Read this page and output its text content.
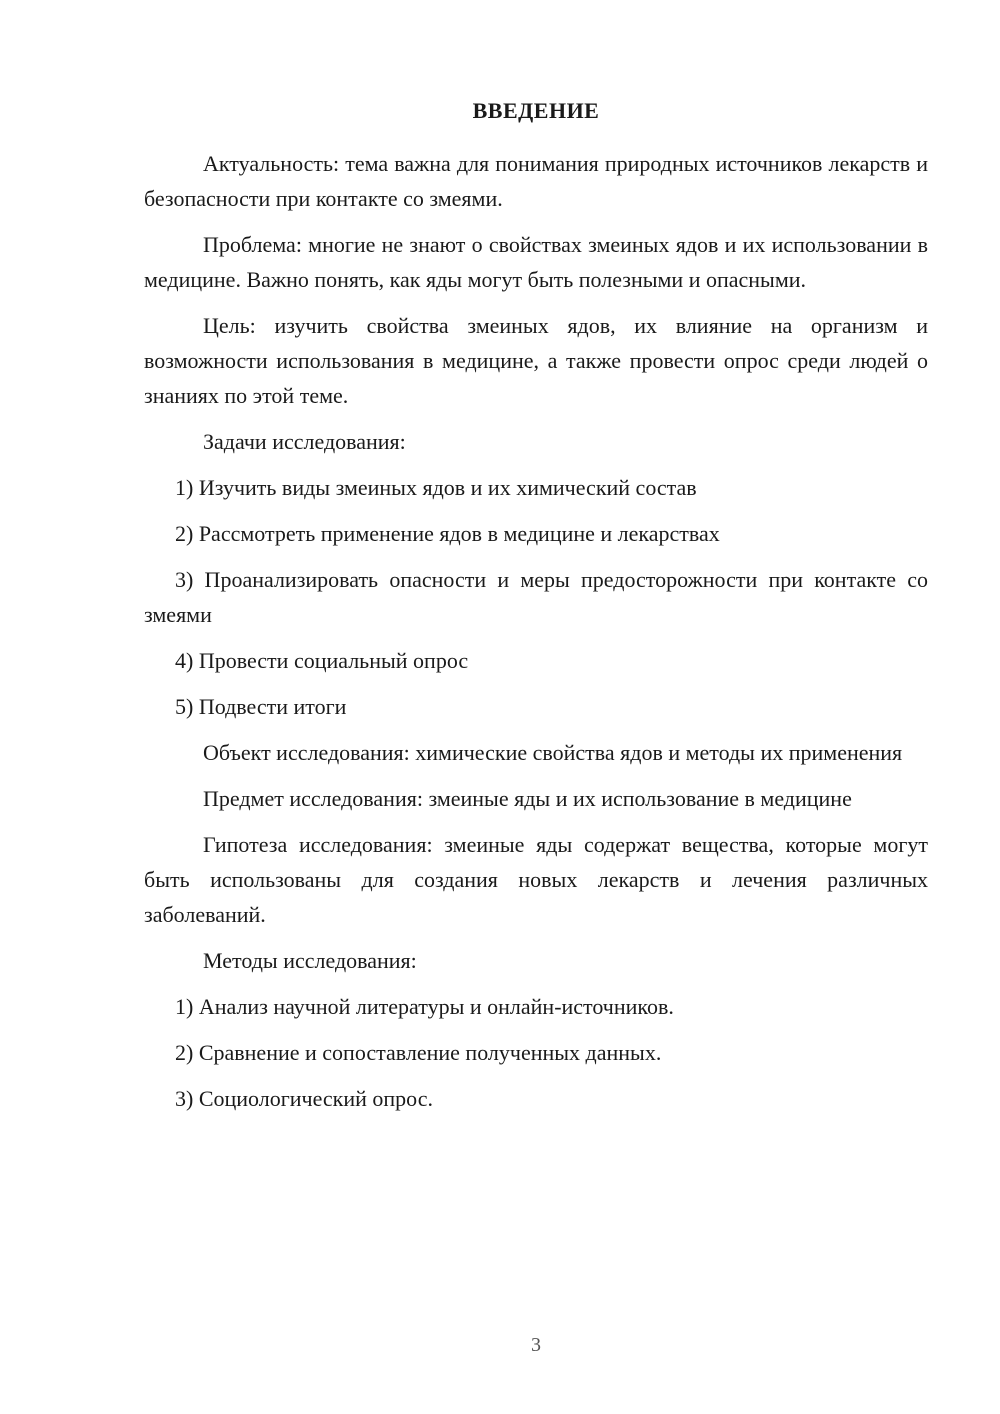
ВВЕДЕНИЕ

Актуальность: тема важна для понимания природных источников лекарств и безопасности при контакте со змеями.

Проблема: многие не знают о свойствах змеиных ядов и их использовании в медицине. Важно понять, как яды могут быть полезными и опасными.

Цель: изучить свойства змеиных ядов, их влияние на организм и возможности использования в медицине, а также провести опрос среди людей о знаниях по этой теме.

Задачи исследования:

1) Изучить виды змеиных ядов и их химический состав

2) Рассмотреть применение ядов в медицине и лекарствах

3) Проанализировать опасности и меры предосторожности при контакте со змеями

4) Провести социальный опрос

5) Подвести итоги

Объект исследования: химические свойства ядов и методы их применения

Предмет исследования: змеиные яды и их использование в медицине

Гипотеза исследования: змеиные яды содержат вещества, которые могут быть использованы для создания новых лекарств и лечения различных заболеваний.

Методы исследования:

1) Анализ научной литературы и онлайн-источников.

2) Сравнение и сопоставление полученных данных.

3) Социологический опрос.

3
